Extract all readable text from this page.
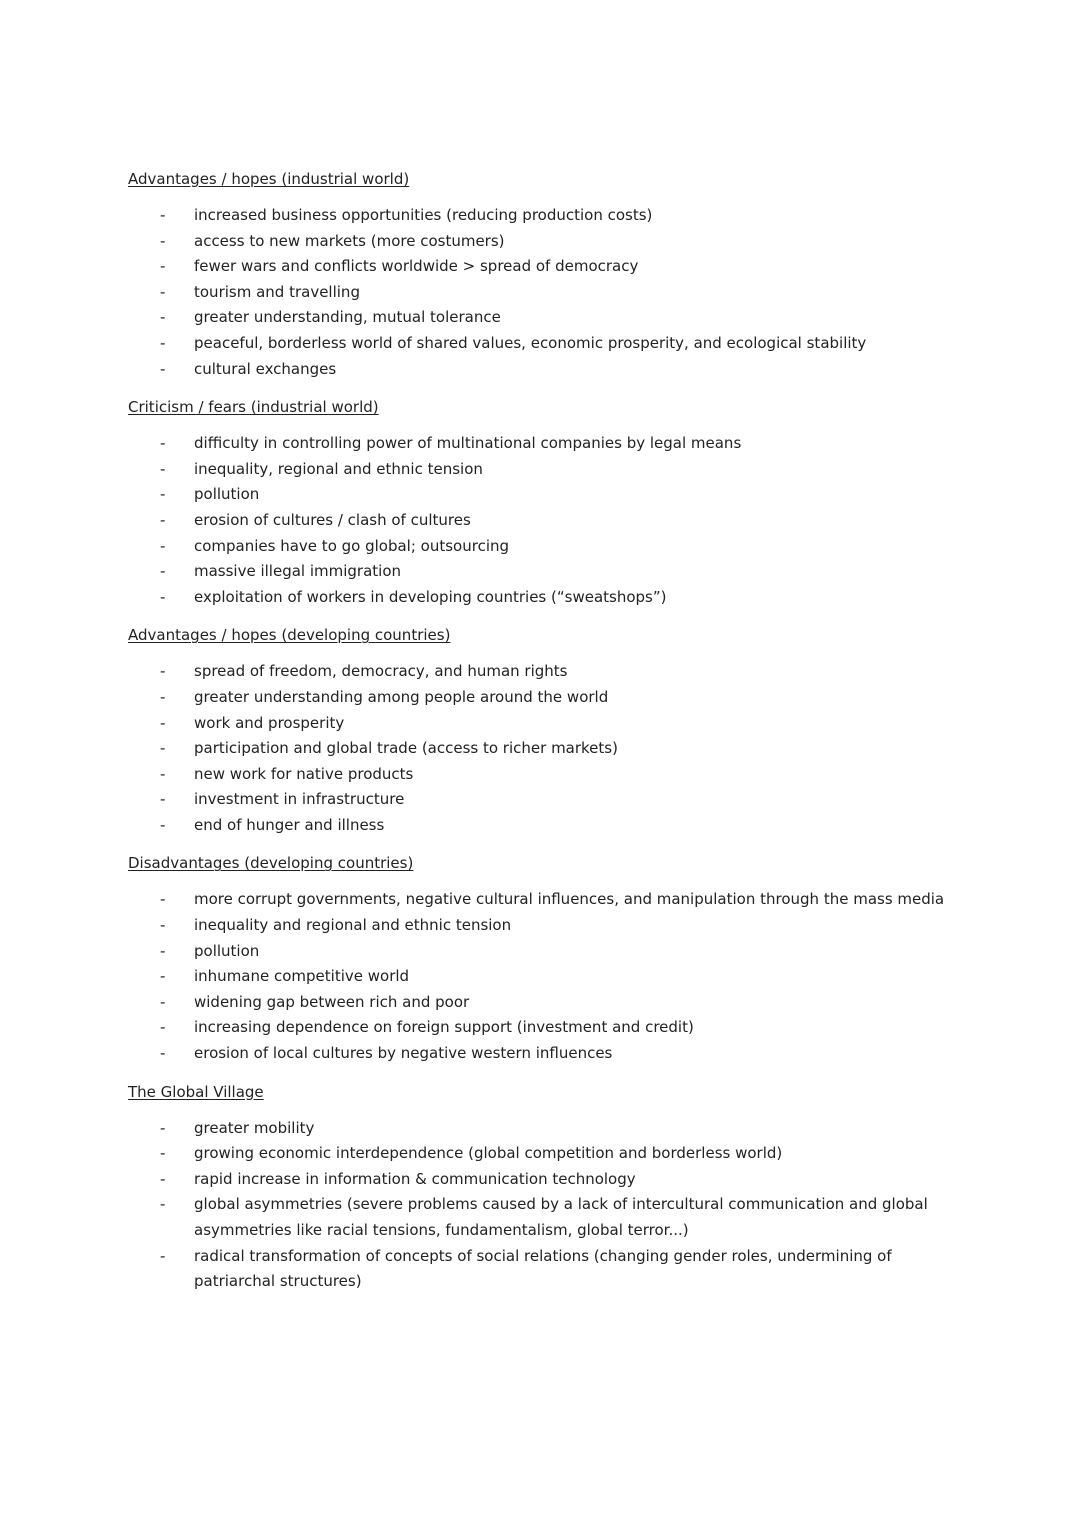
Advantages / hopes (industrial world)
- increased business opportunities (reducing production costs)
- access to new markets (more costumers)
- fewer wars and conflicts worldwide > spread of democracy
- tourism and travelling
- greater understanding, mutual tolerance
- peaceful, borderless world of shared values, economic prosperity, and ecological stability
- cultural exchanges
Criticism / fears (industrial world)
- difficulty in controlling power of multinational companies by legal means
- inequality, regional and ethnic tension
- pollution
- erosion of cultures / clash of cultures
- companies have to go global; outsourcing
- massive illegal immigration
- exploitation of workers in developing countries (“sweatshops”)
Advantages / hopes (developing countries)
- spread of freedom, democracy, and human rights
- greater understanding among people around the world
- work and prosperity
- participation and global trade (access to richer markets)
- new work for native products
- investment in infrastructure
- end of hunger and illness
Disadvantages (developing countries)
- more corrupt governments, negative cultural influences, and manipulation through the mass media
- inequality and regional and ethnic tension
- pollution
- inhumane competitive world
- widening gap between rich and poor
- increasing dependence on foreign support (investment and credit)
- erosion of local cultures by negative western influences
The Global Village
- greater mobility
- growing economic interdependence (global competition and borderless world)
- rapid increase in information & communication technology
- global asymmetries (severe problems caused by a lack of intercultural communication and global asymmetries like racial tensions, fundamentalism, global terror...)
- radical transformation of concepts of social relations (changing gender roles, undermining of patriarchal structures)
